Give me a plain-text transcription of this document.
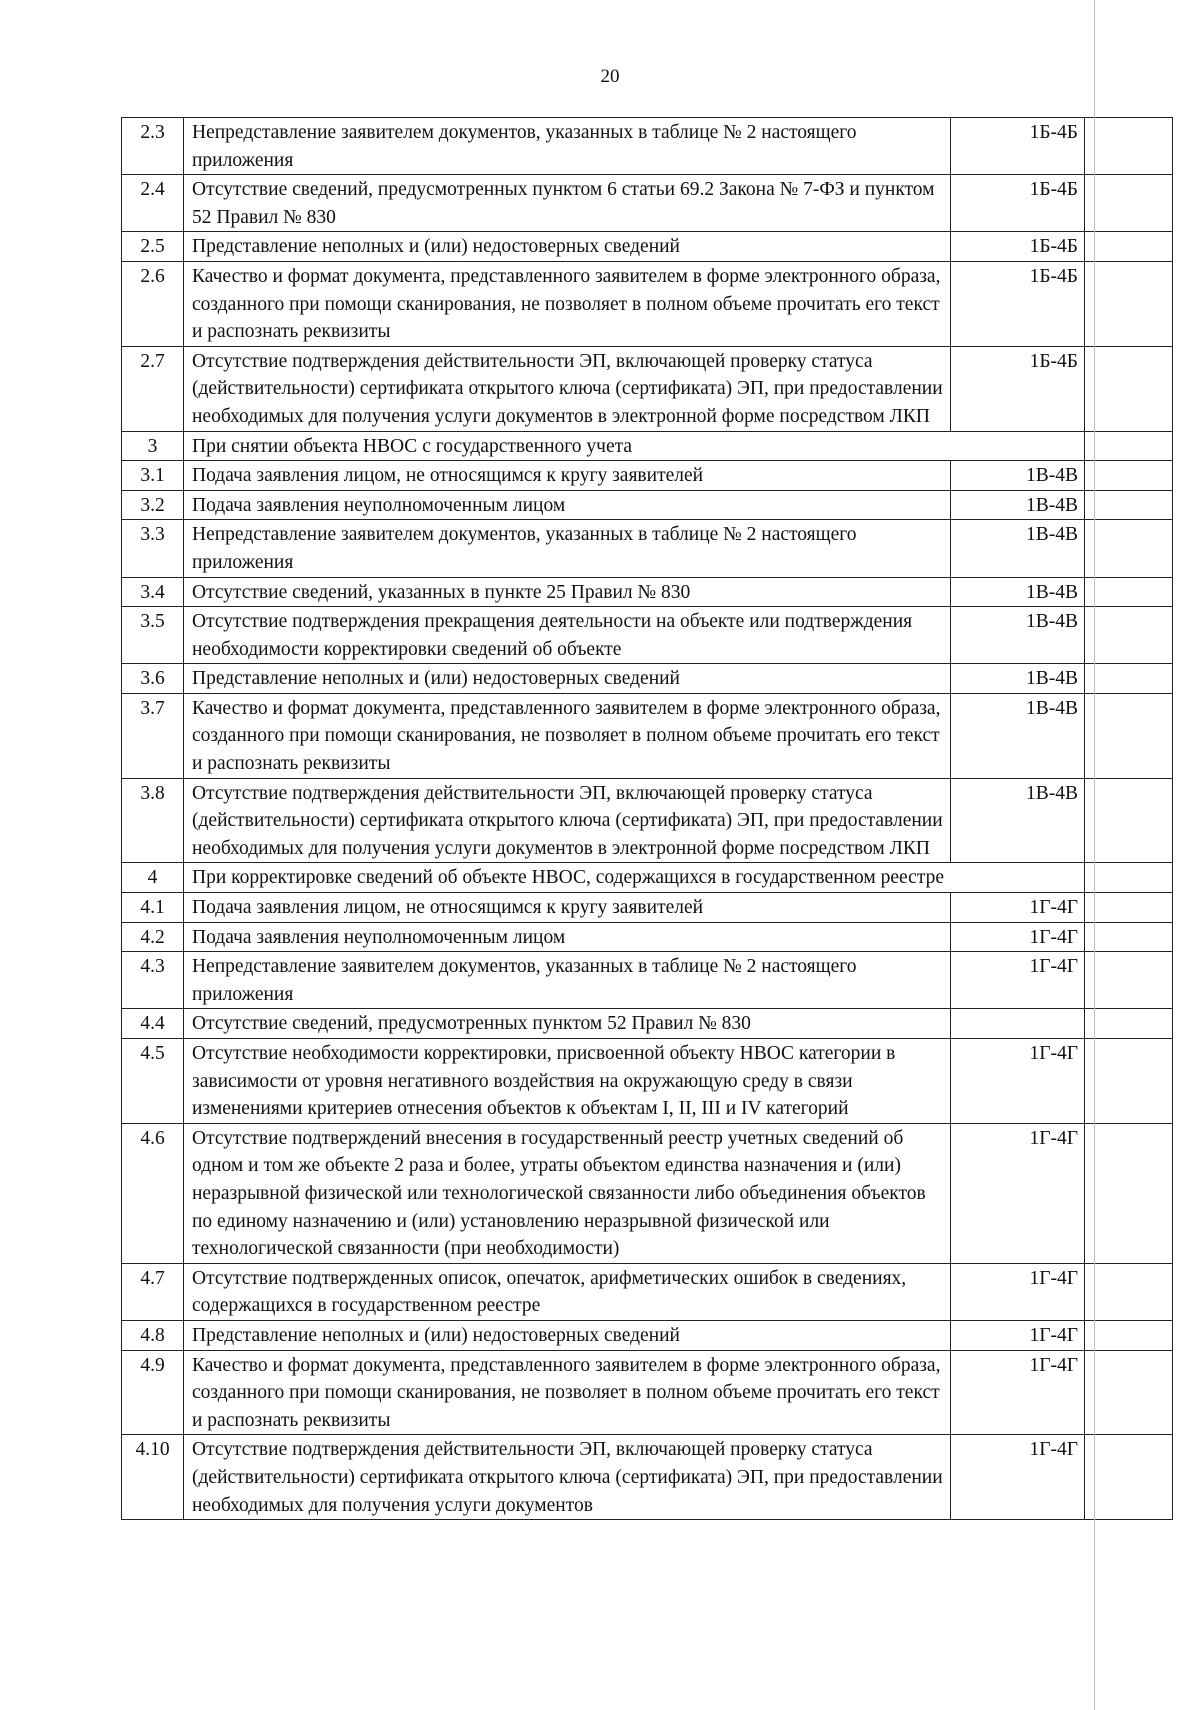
20
2.3	Непредставление заявителем документов, указанных в таблице № 2 настоящего приложения	1Б-4Б	
2.4	Отсутствие сведений, предусмотренных пунктом 6 статьи 69.2 Закона № 7-ФЗ и пунктом 52 Правил № 830	1Б-4Б	
2.5	Представление неполных и (или) недостоверных сведений	1Б-4Б	
2.6	Качество и формат документа, представленного заявителем в форме электронного образа, созданного при помощи сканирования, не позволяет в полном объеме прочитать его текст и распознать реквизиты	1Б-4Б	
2.7	Отсутствие подтверждения действительности ЭП, включающей проверку статуса (действительности) сертификата открытого ключа (сертификата) ЭП, при предоставлении необходимых для получения услуги документов в электронной форме посредством ЛКП	1Б-4Б	
3	При снятии объекта НВОС с государственного учета		
3.1	Подача заявления лицом, не относящимся к кругу заявителей	1В-4В	
3.2	Подача заявления неуполномоченным лицом	1В-4В	
3.3	Непредставление заявителем документов, указанных в таблице № 2 настоящего приложения	1В-4В	
3.4	Отсутствие сведений, указанных в пункте 25 Правил № 830	1В-4В	
3.5	Отсутствие подтверждения прекращения деятельности на объекте или подтверждения необходимости корректировки сведений об объекте	1В-4В	
3.6	Представление неполных и (или) недостоверных сведений	1В-4В	
3.7	Качество и формат документа, представленного заявителем в форме электронного образа, созданного при помощи сканирования, не позволяет в полном объеме прочитать его текст и распознать реквизиты	1В-4В	
3.8	Отсутствие подтверждения действительности ЭП, включающей проверку статуса (действительности) сертификата открытого ключа (сертификата) ЭП, при предоставлении необходимых для получения услуги документов в электронной форме посредством ЛКП	1В-4В	
4	При корректировке сведений об объекте НВОС, содержащихся в государственном реестре		
4.1	Подача заявления лицом, не относящимся к кругу заявителей	1Г-4Г	
4.2	Подача заявления неуполномоченным лицом	1Г-4Г	
4.3	Непредставление заявителем документов, указанных в таблице № 2 настоящего приложения	1Г-4Г	
4.4	Отсутствие сведений, предусмотренных пунктом 52 Правил № 830		
4.5	Отсутствие необходимости корректировки, присвоенной объекту НВОС категории в зависимости от уровня негативного воздействия на окружающую среду в связи изменениями критериев отнесения объектов к объектам I, II, III и IV категорий	1Г-4Г	
4.6	Отсутствие подтверждений внесения в государственный реестр учетных сведений об одном и том же объекте 2 раза и более, утраты объектом единства назначения и (или) неразрывной физической или технологической связанности либо объединения объектов по единому назначению и (или) установлению неразрывной физической или технологической связанности (при необходимости)	1Г-4Г	
4.7	Отсутствие подтвержденных описок, опечаток, арифметических ошибок в сведениях, содержащихся в государственном реестре	1Г-4Г	
4.8	Представление неполных и (или) недостоверных сведений	1Г-4Г	
4.9	Качество и формат документа, представленного заявителем в форме электронного образа, созданного при помощи сканирования, не позволяет в полном объеме прочитать его текст и распознать реквизиты	1Г-4Г	
4.10	Отсутствие подтверждения действительности ЭП, включающей проверку статуса (действительности) сертификата открытого ключа (сертификата) ЭП, при предоставлении необходимых для получения услуги документов	1Г-4Г	
